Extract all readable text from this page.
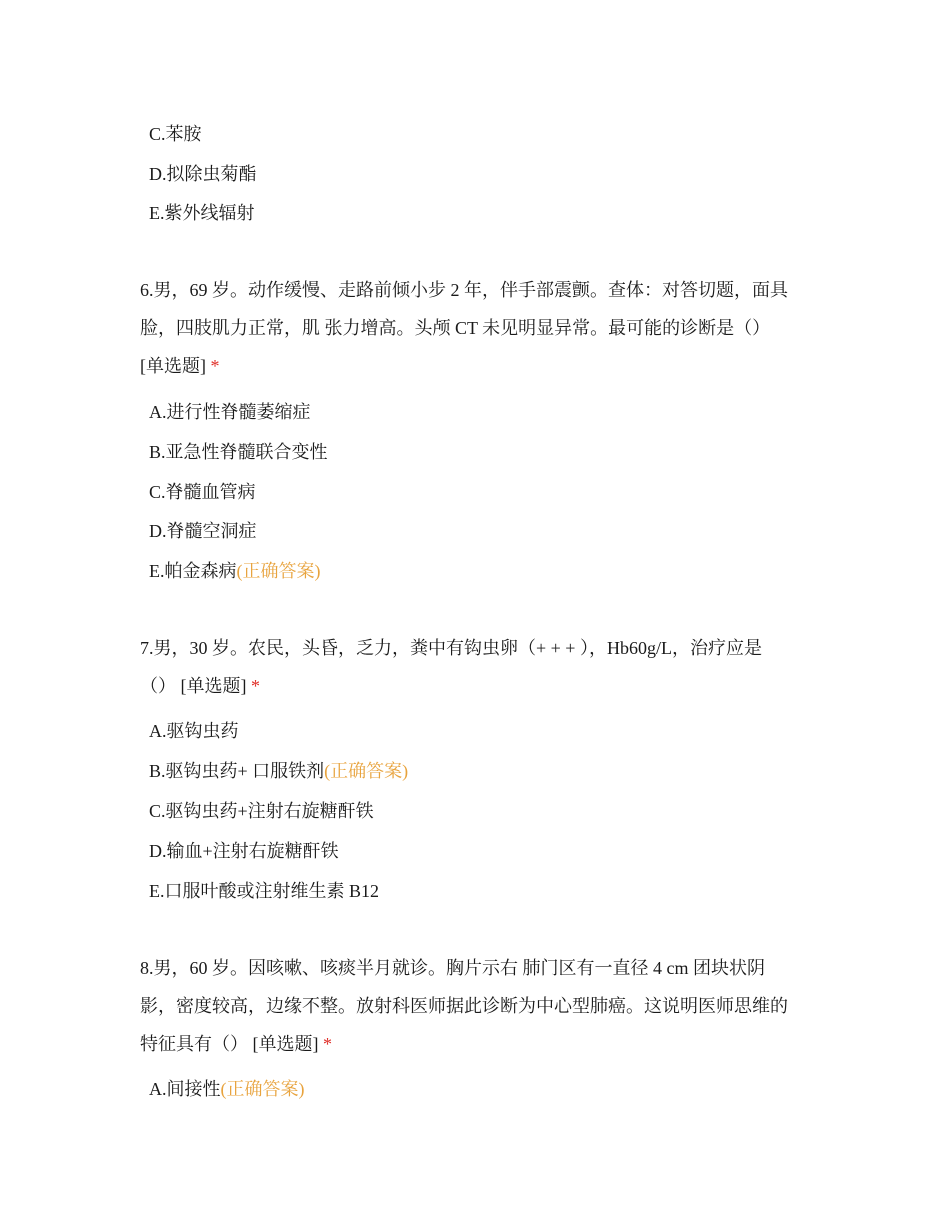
C.苯胺
D.拟除虫菊酯
E.紫外线辐射
6.男，69 岁。动作缓慢、走路前倾小步 2 年，伴手部震颤。查体：对答切题，面具
脸，四肢肌力正常，肌 张力增高。头颅 CT 未见明显异常。最可能的诊断是（）
[单选题] *
A.进行性脊髓萎缩症
B.亚急性脊髓联合变性
C.脊髓血管病
D.脊髓空洞症
E.帕金森病(正确答案)
7.男，30 岁。农民，头昏，乏力，粪中有钩虫卵（+ + + ），Hb60g/L，治疗应是
（） [单选题] *
A.驱钩虫药
B.驱钩虫药+ 口服铁剂(正确答案)
C.驱钩虫药+注射右旋糖酐铁
D.输血+注射右旋糖酐铁
E.口服叶酸或注射维生素 B12
8.男，60 岁。因咳嗽、咳痰半月就诊。胸片示右 肺门区有一直径 4 cm 团块状阴
影，密度较高，边缘不整。放射科医师据此诊断为中心型肺癌。这说明医师思维的
特征具有（） [单选题] *
A.间接性(正确答案)
